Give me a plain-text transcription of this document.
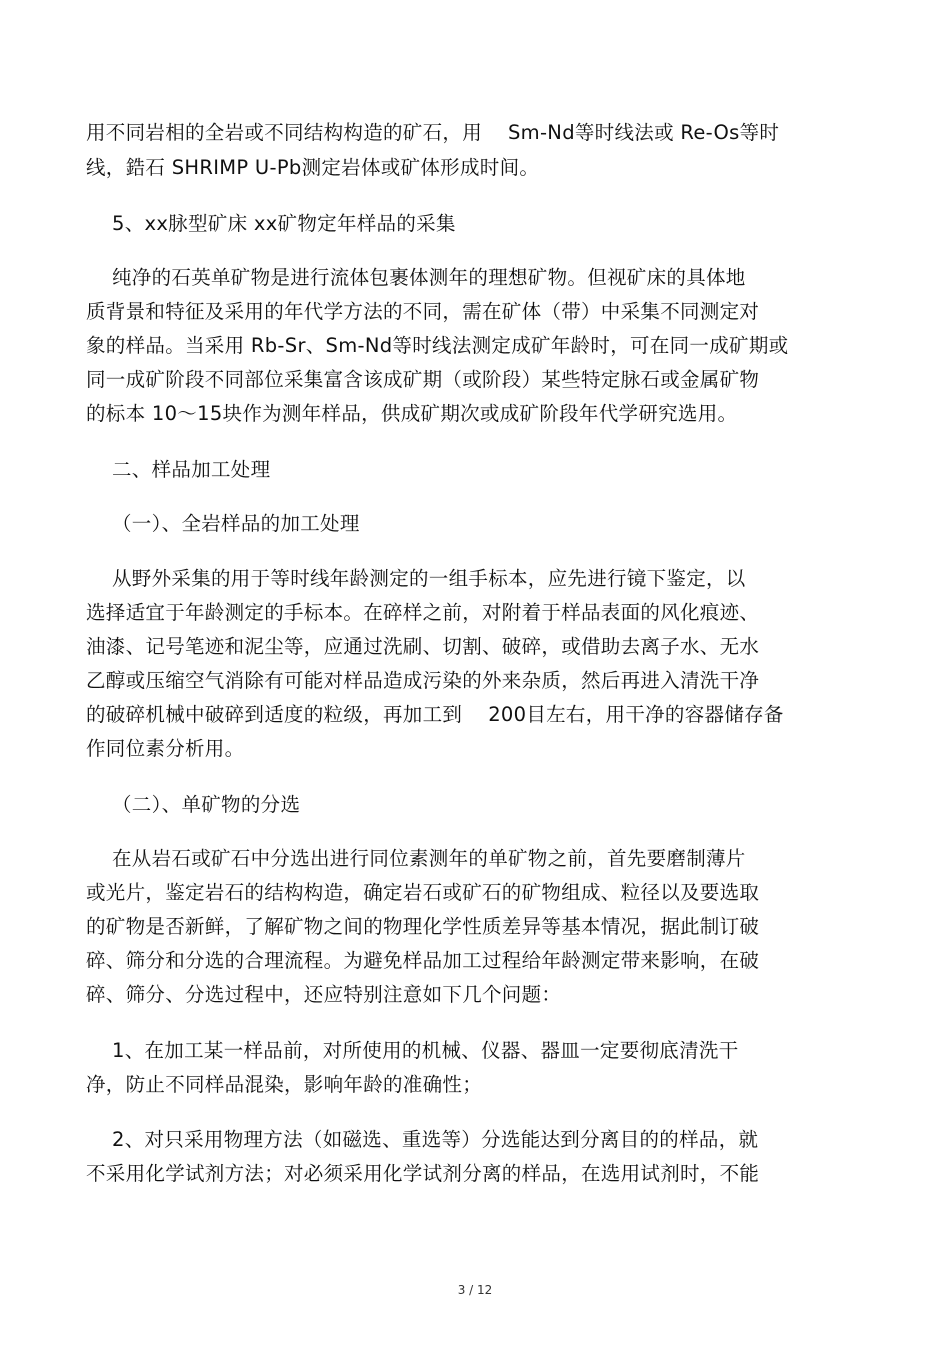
用不同岩相的全岩或不同结构构造的矿石，用    Sm-Nd等时线法或 Re-Os等时
线，鋯石 SHRIMP U-Pb测定岩体或矿体形成时间。
5、xx脉型矿床 xx矿物定年样品的采集
纯净的石英单矿物是进行流体包裹体测年的理想矿物。但视矿床的具体地
质背景和特征及采用的年代学方法的不同，需在矿体（带）中采集不同测定对
象的样品。当采用 Rb-Sr、Sm-Nd等时线法测定成矿年龄时，可在同一成矿期或
同一成矿阶段不同部位采集富含该成矿期（或阶段）某些特定脉石或金属矿物
的标本 10～15块作为测年样品，供成矿期次或成矿阶段年代学研究选用。
二、样品加工处理
（一）、全岩样品的加工处理
从野外采集的用于等时线年龄测定的一组手标本，应先进行镜下鉴定，以
选择适宜于年龄测定的手标本。在碎样之前，对附着于样品表面的风化痕迹、
油漆、记号笔迹和泥尘等，应通过洗刷、切割、破碎，或借助去离子水、无水
乙醇或压缩空气消除有可能对样品造成污染的外来杂质，然后再进入清洗干净
的破碎机械中破碎到适度的粒级，再加工到    200目左右，用干净的容器储存备
作同位素分析用。
（二）、单矿物的分选
在从岩石或矿石中分选出进行同位素测年的单矿物之前，首先要磨制薄片
或光片，鉴定岩石的结构构造，确定岩石或矿石的矿物组成、粒径以及要选取
的矿物是否新鲜，了解矿物之间的物理化学性质差异等基本情况，据此制订破
碎、筛分和分选的合理流程。为避免样品加工过程给年龄测定带来影响，在破
碎、筛分、分选过程中，还应特别注意如下几个问题：
1、在加工某一样品前，对所使用的机械、仪器、器皿一定要彻底清洗干
净，防止不同样品混染，影响年龄的准确性；
2、对只采用物理方法（如磁选、重选等）分选能达到分离目的的样品，就
不采用化学试剂方法；对必须采用化学试剂分离的样品，在选用试剂时，不能
3 / 12
